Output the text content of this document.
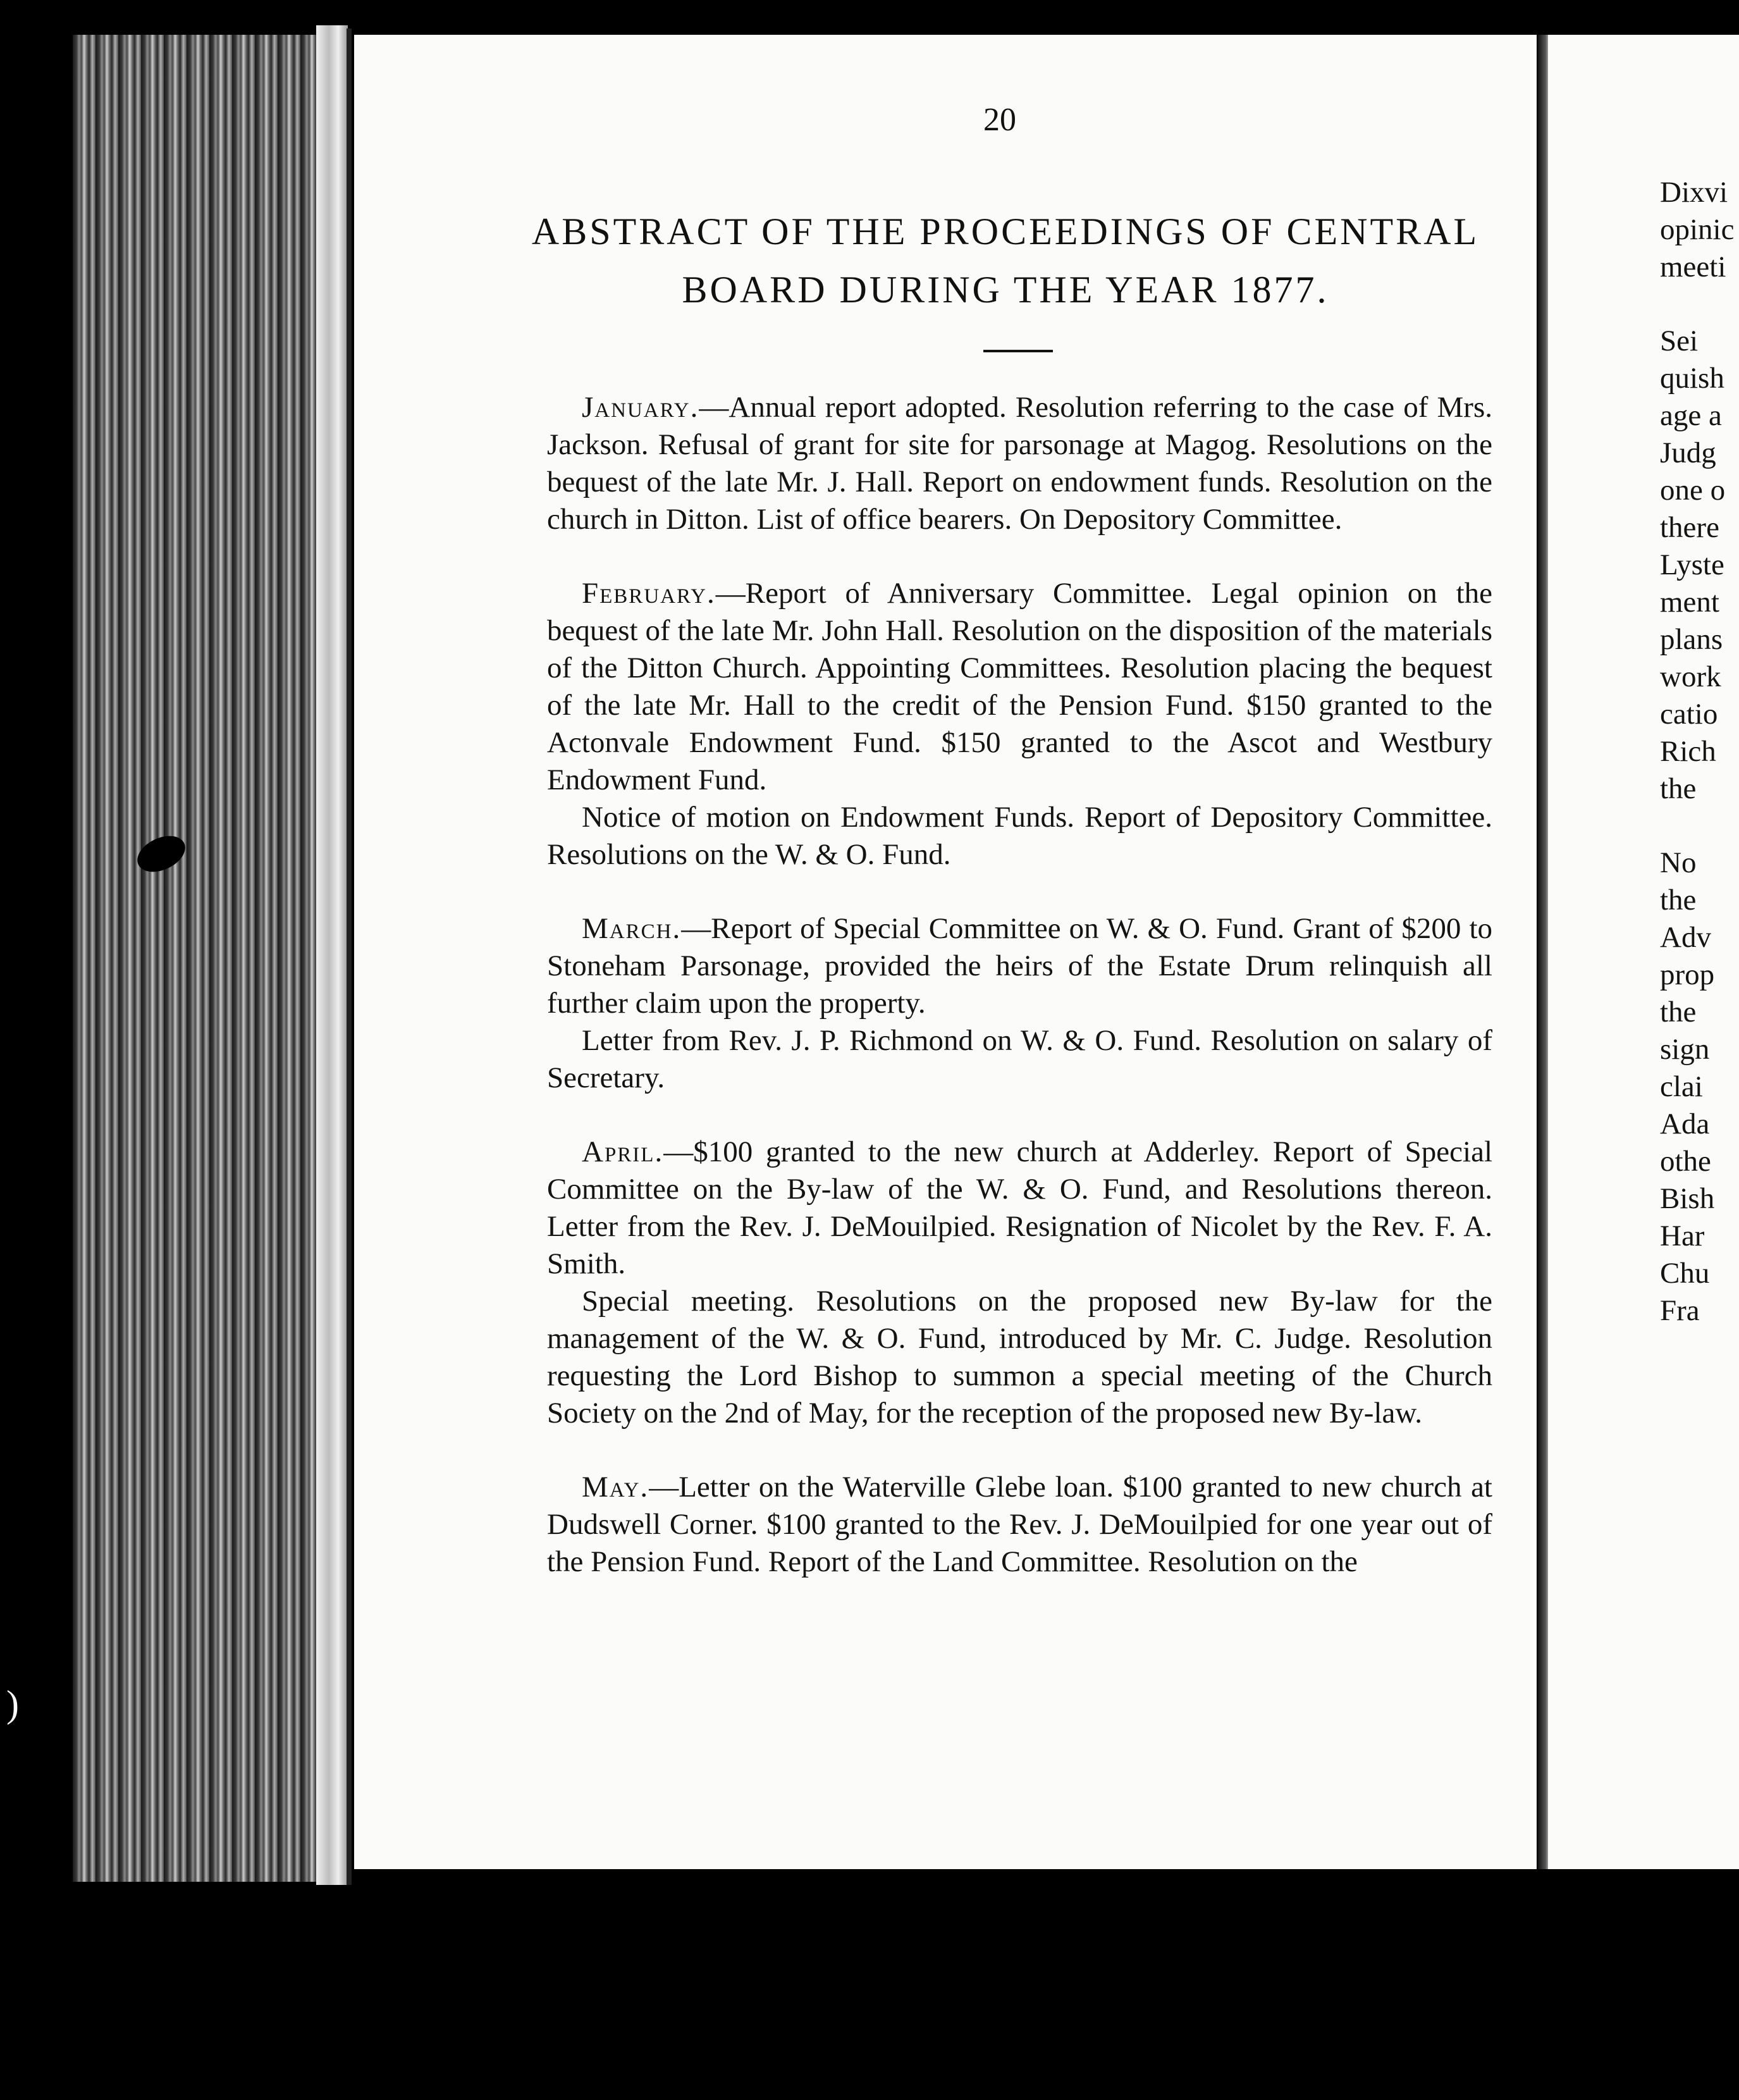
20
ABSTRACT OF THE PROCEEDINGS OF CENTRAL
BOARD DURING THE YEAR 1877.

January.—Annual report adopted. Resolution referring to the case of Mrs. Jackson. Refusal of grant for site for parsonage at Magog. Resolutions on the bequest of the late Mr. J. Hall. Report on endowment funds. Resolution on the church in Ditton. List of office bearers. On Depository Committee.

February.—Report of Anniversary Committee. Legal opinion on the bequest of the late Mr. John Hall. Resolution on the disposition of the materials of the Ditton Church. Appointing Committees. Resolution placing the bequest of the late Mr. Hall to the credit of the Pension Fund. $150 granted to the Actonvale Endowment Fund. $150 granted to the Ascot and Westbury Endowment Fund.

Notice of motion on Endowment Funds. Report of Depository Committee. Resolutions on the W. & O. Fund.

March.—Report of Special Committee on W. & O. Fund. Grant of $200 to Stoneham Parsonage, provided the heirs of the Estate Drum relinquish all further claim upon the property.

Letter from Rev. J. P. Richmond on W. & O. Fund. Resolution on salary of Secretary.

April.—$100 granted to the new church at Adderley. Report of Special Committee on the By-law of the W. & O. Fund, and Resolutions thereon. Letter from the Rev. J. DeMouilpied. Resignation of Nicolet by the Rev. F. A. Smith.

Special meeting. Resolutions on the proposed new By-law for the management of the W. & O. Fund, introduced by Mr. C. Judge. Resolution requesting the Lord Bishop to summon a special meeting of the Church Society on the 2nd of May, for the reception of the proposed new By-law.

May.—Letter on the Waterville Glebe loan. $100 granted to new church at Dudswell Corner. $100 granted to the Rev. J. DeMouilpied for one year out of the Pension Fund. Report of the Land Committee. Resolution on the

Dixvi
opinic
meeti
Sei
quish
age a
Judg
one o
there
Lyste
ment
plans
work
catio
Rich
the
No
the
Adv
prop
the
sign
clai
Ada
othe
Bish
Har
Chu
Fra
)
